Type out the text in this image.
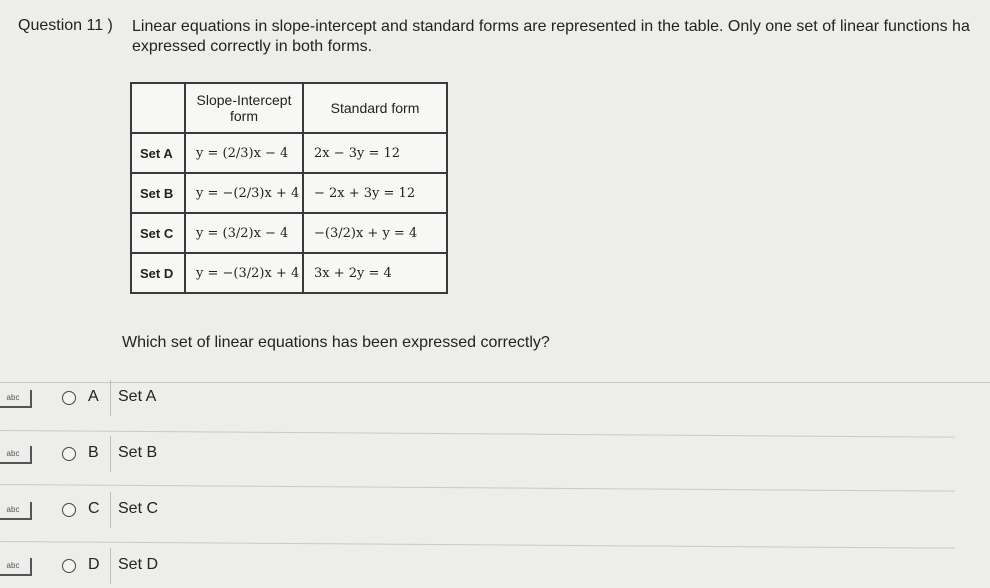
Question 11 ) Linear equations in slope-intercept and standard forms are represented in the table. Only one set of linear functions ha
expressed correctly in both forms.
	Slope-Intercept form	Standard form
Set A	y = (2/3)x − 4	2x − 3y = 12
Set B	y = −(2/3)x + 4	− 2x + 3y = 12
Set C	y = (3/2)x − 4	−(3/2)x + y = 4
Set D	y = −(3/2)x + 4	3x + 2y = 4
Which set of linear equations has been expressed correctly?
abc	A Set A
abc	B Set B
abc	C Set C
abc	D Set D
